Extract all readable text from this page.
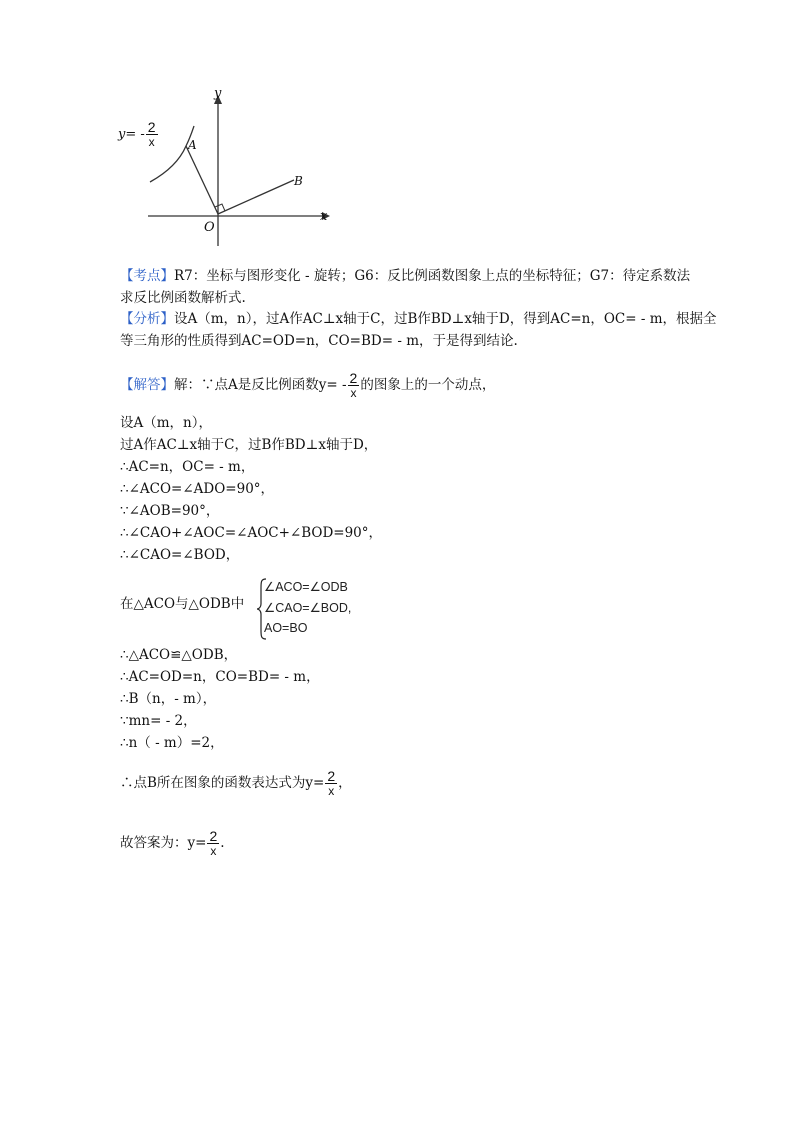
y
x
O
A
B
$y= - \frac{2}{x}$
【考点】R7：坐标与图形变化 - 旋转；G6：反比例函数图象上点的坐标特征；G7：待定系数法
求反比例函数解析式.
【分析】设A（m，n），过A作AC⊥x轴于C，过B作BD⊥x轴于D，得到AC=n，OC= - m，根据全
等三角形的性质得到AC=OD=n，CO=BD= - m，于是得到结论.
【解答】解：∵点A是反比例函数$y= - \frac{2}{x}$ 的图象上的一个动点，
设A（m，n），
过A作AC⊥x轴于C，过B作BD⊥x轴于D，
∴AC=n，OC= - m，
∴∠ACO=∠ADO=90°，
∵∠AOB=90°，
∴∠CAO+∠AOC=∠AOC+∠BOD=90°，
∴∠CAO=∠BOD，
在△ACO与△ODB中
∠ACO=∠ODB
∠CAO=∠BOD,
AO=BO
∴△ACO≌△ODB，
∴AC=OD=n，CO=BD= - m，
∴B（n，- m），
∵mn= - 2，
∴n（ - m）=2，
∴点B所在图象的函数表达式为$y= \frac{2}{x}$ ，
故答案为：$y= \frac{2}{x}$ .
